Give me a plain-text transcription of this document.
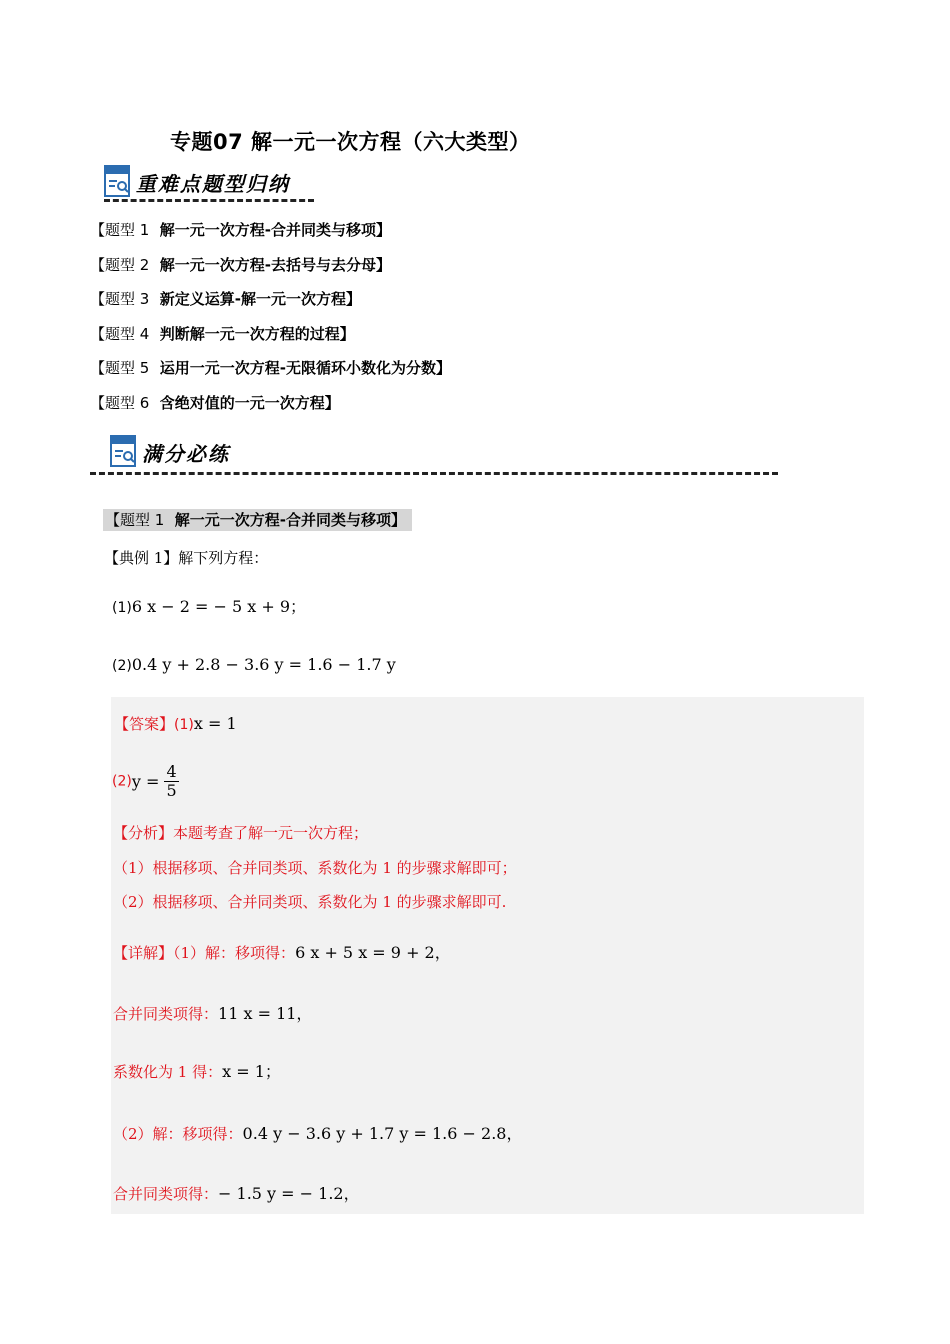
专题07 解一元一次方程（六大类型）
重难点题型归纳
【题型 1 解一元一次方程-合并同类与移项】
【题型 2 解一元一次方程-去括号与去分母】
【题型 3 新定义运算-解一元一次方程】
【题型 4 判断解一元一次方程的过程】
【题型 5 运用一元一次方程-无限循环小数化为分数】
【题型 6 含绝对值的一元一次方程】
满分必练
【题型 1 解一元一次方程-合并同类与移项】
【典例 1】解下列方程：
(1)6 x − 2 = − 5 x + 9；
(2)0.4 y + 2.8 − 3.6 y = 1.6 − 1.7 y
【答案】(1)x = 1
$(2)y = \frac{4}{5}$
【分析】本题考查了解一元一次方程；
（1）根据移项、合并同类项、系数化为 1 的步骤求解即可；
（2）根据移项、合并同类项、系数化为 1 的步骤求解即可.
【详解】（1）解：移项得：6 x + 5 x = 9 + 2，
合并同类项得：11 x = 11，
系数化为 1 得：x = 1；
（2）解：移项得：0.4 y − 3.6 y + 1.7 y = 1.6 − 2.8，
合并同类项得：− 1.5 y = − 1.2，
